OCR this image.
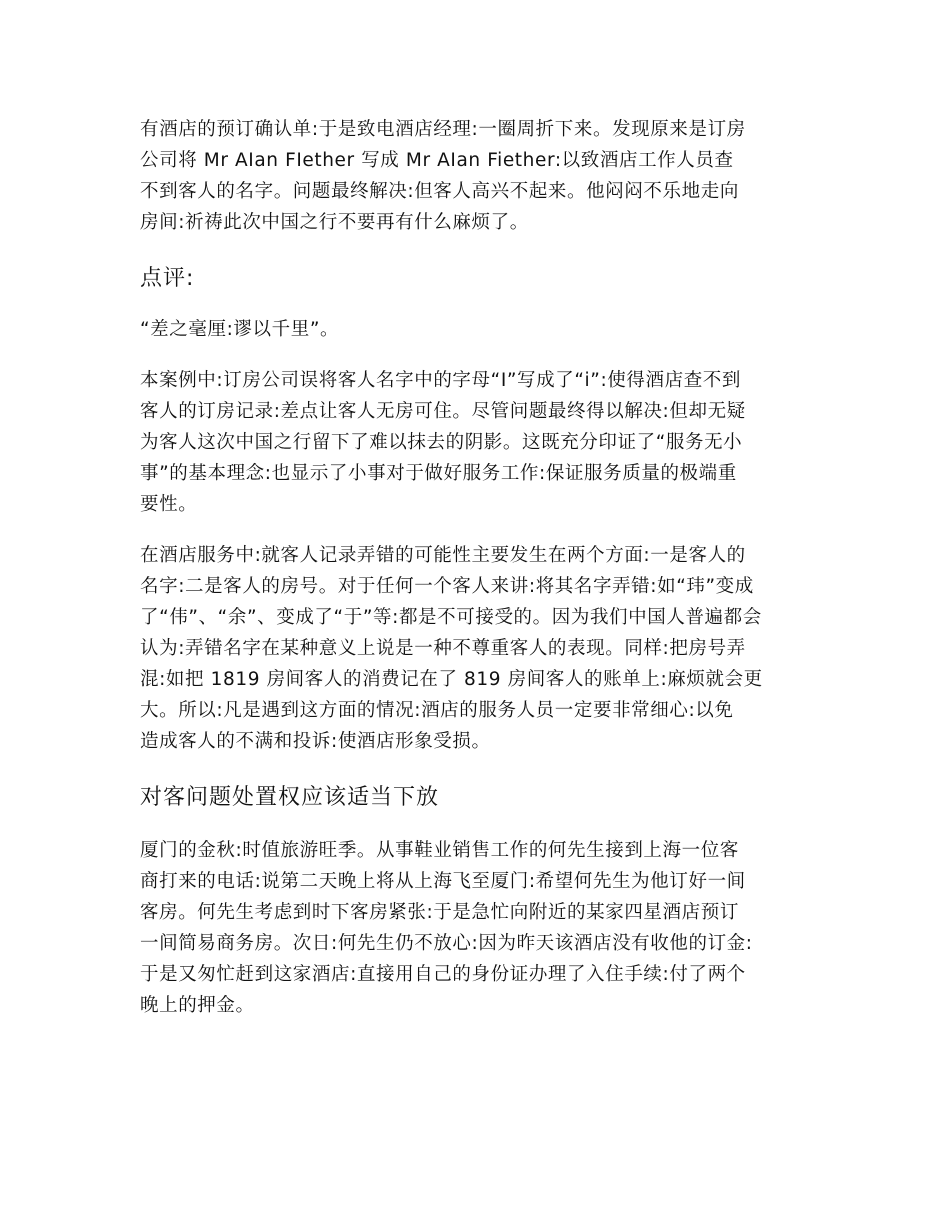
有酒店的预订确认单:于是致电酒店经理:一圈周折下来。发现原来是订房
公司将 Mr AIan FIether 写成 Mr AIan Fiether:以致酒店工作人员查
不到客人的名字。问题最终解决:但客人高兴不起来。他闷闷不乐地走向
房间:祈祷此次中国之行不要再有什么麻烦了。

点评:

“差之毫厘:谬以千里”。

本案例中:订房公司误将客人名字中的字母“I”写成了“i”:使得酒店查不到
客人的订房记录:差点让客人无房可住。尽管问题最终得以解决:但却无疑
为客人这次中国之行留下了难以抹去的阴影。这既充分印证了“服务无小
事”的基本理念:也显示了小事对于做好服务工作:保证服务质量的极端重
要性。

在酒店服务中:就客人记录弄错的可能性主要发生在两个方面:一是客人的
名字:二是客人的房号。对于任何一个客人来讲:将其名字弄错:如“玮”变成
了“伟”、“余”、变成了“于”等:都是不可接受的。因为我们中国人普遍都会
认为:弄错名字在某种意义上说是一种不尊重客人的表现。同样:把房号弄
混:如把 1819 房间客人的消费记在了 819 房间客人的账单上:麻烦就会更
大。所以:凡是遇到这方面的情况:酒店的服务人员一定要非常细心:以免
造成客人的不满和投诉:使酒店形象受损。

对客问题处置权应该适当下放

厦门的金秋:时值旅游旺季。从事鞋业销售工作的何先生接到上海一位客
商打来的电话:说第二天晚上将从上海飞至厦门:希望何先生为他订好一间
客房。何先生考虑到时下客房紧张:于是急忙向附近的某家四星酒店预订
一间简易商务房。次日:何先生仍不放心:因为昨天该酒店没有收他的订金:
于是又匆忙赶到这家酒店:直接用自己的身份证办理了入住手续:付了两个
晚上的押金。
